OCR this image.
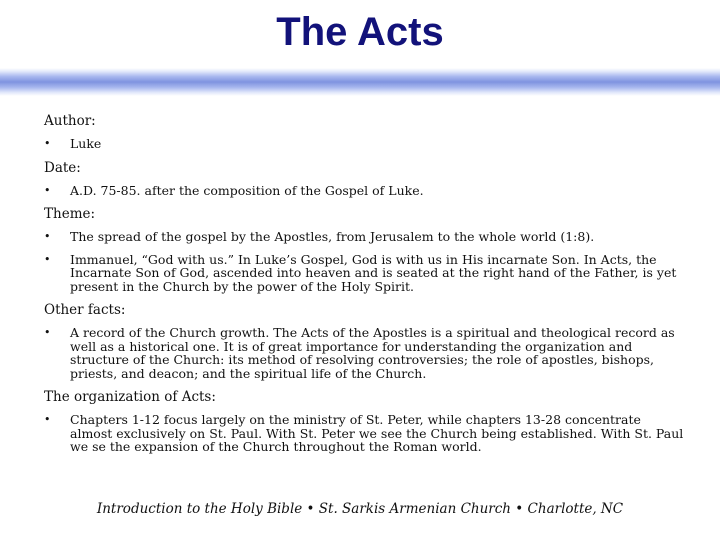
The Acts

Author:

• Luke

Date:

• A.D. 75-85. after the composition of the Gospel of Luke.

Theme:

• The spread of the gospel by the Apostles, from Jerusalem to the whole world (1:8).
• Immanuel, “God with us.” In Luke’s Gospel, God is with us in His incarnate Son. In Acts, the Incarnate Son of God, ascended into heaven and is seated at the right hand of the Father, is yet present in the Church by the power of the Holy Spirit.

Other facts:

• A record of the Church growth. The Acts of the Apostles is a spiritual and theological record as well as a historical one. It is of great importance for understanding the organization and structure of the Church: its method of resolving controversies; the role of apostles, bishops, priests, and deacon; and the spiritual life of the Church.

The organization of Acts:

• Chapters 1-12 focus largely on the ministry of St. Peter, while chapters 13-28 concentrate almost exclusively on St. Paul. With St. Peter we see the Church being established. With St. Paul we se the expansion of the Church throughout the Roman world.
Introduction to the Holy Bible • St. Sarkis Armenian Church • Charlotte, NC
